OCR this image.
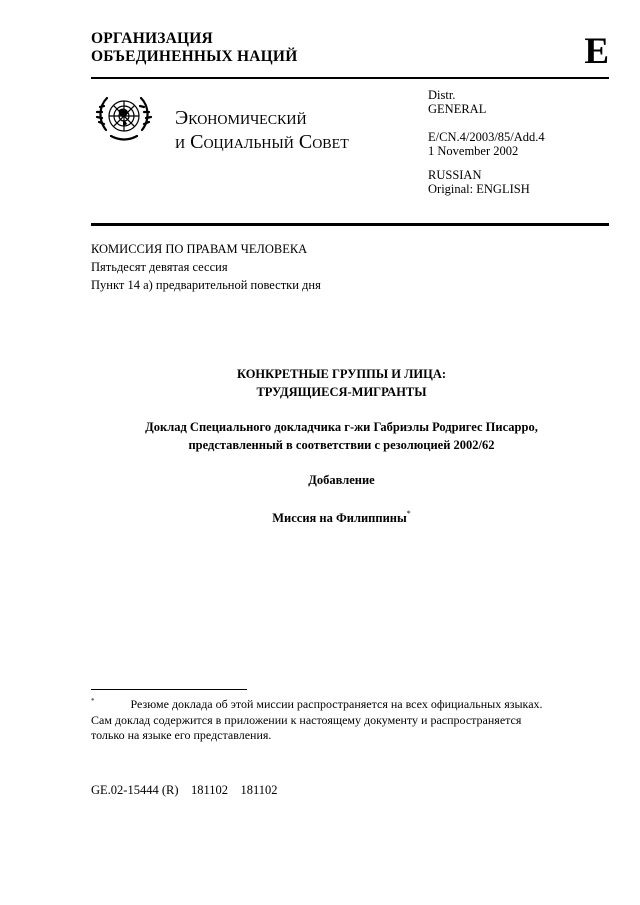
ОРГАНИЗАЦИЯ
ОБЪЕДИНЕННЫХ НАЦИЙ	E
Экономический
и Социальный Совет
Distr.
GENERAL
E/CN.4/2003/85/Add.4
1 November 2002
RUSSIAN
Original: ENGLISH
КОМИССИЯ ПО ПРАВАМ ЧЕЛОВЕКА
Пятьдесят девятая сессия
Пункт 14 а) предварительной повестки дня
КОНКРЕТНЫЕ ГРУППЫ И ЛИЦА:
ТРУДЯЩИЕСЯ-МИГРАНТЫ
Доклад Специального докладчика г-жи Габриэлы Родригес Писарро,
представленный в соответствии с резолюцией 2002/62
Добавление
Миссия на Филиппины*
*	Резюме доклада об этой миссии распространяется на всех официальных языках.
Сам доклад содержится в приложении к настоящему документу и распространяется
только на языке его представления.
GE.02-15444 (R)    181102    181102
